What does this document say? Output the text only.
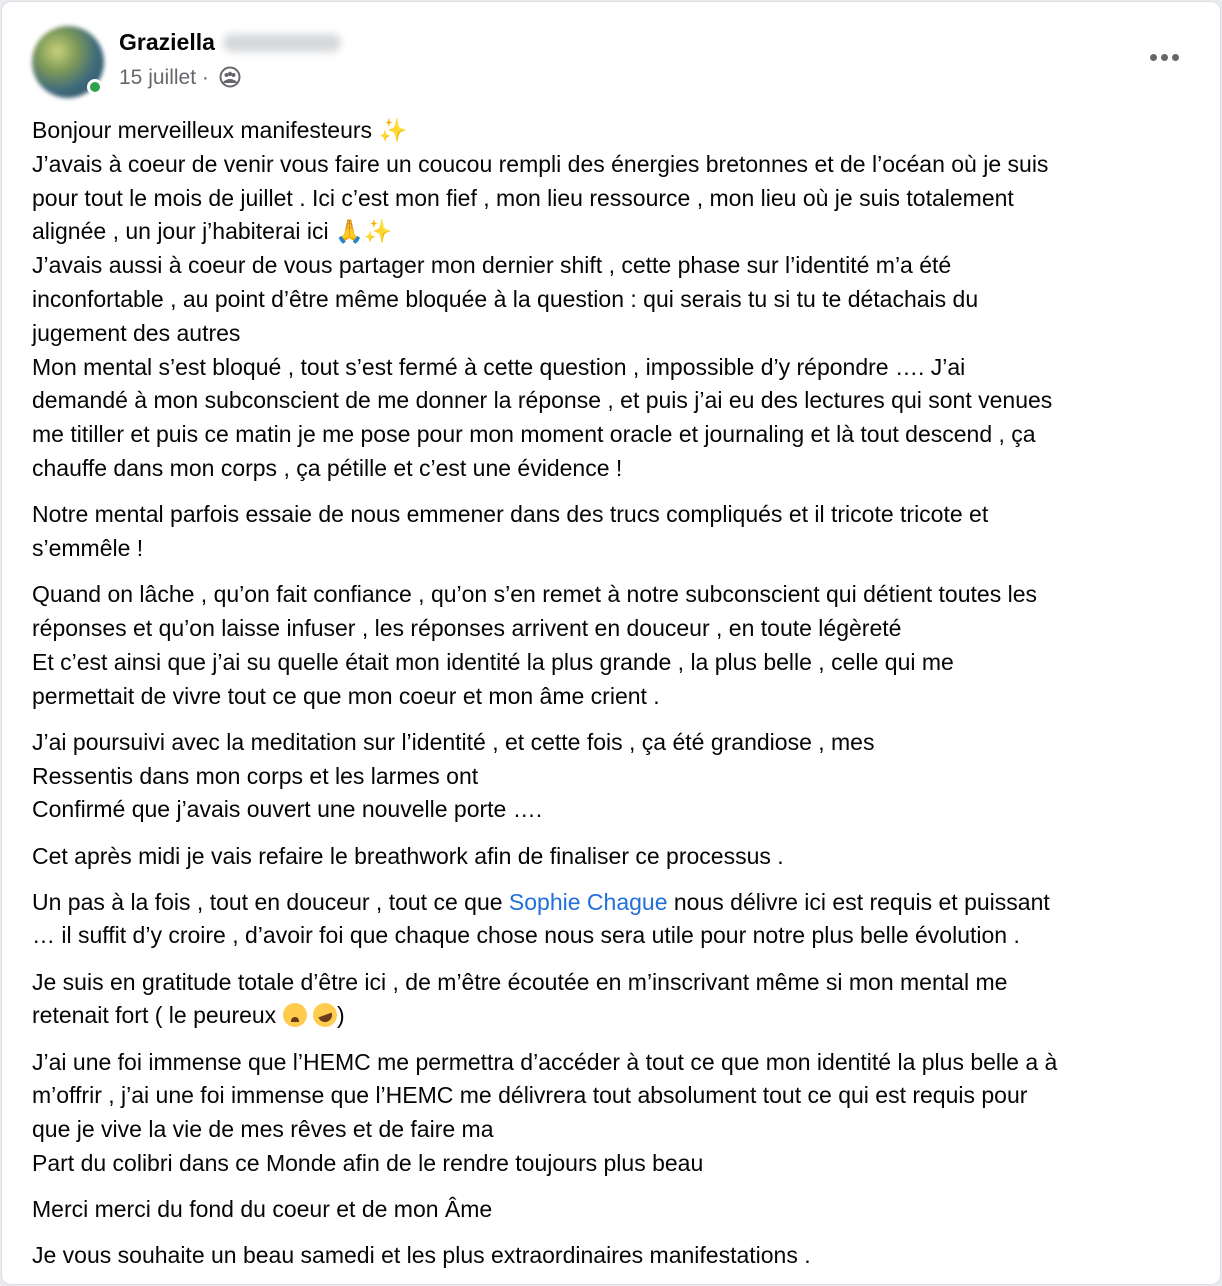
Graziella
15 juillet ·
Bonjour merveilleux manifesteurs ✨
J’avais à coeur de venir vous faire un coucou rempli des énergies bretonnes et de l’océan où je suis
pour tout le mois de juillet . Ici c’est mon fief , mon lieu ressource , mon lieu où je suis totalement
alignée , un jour j’habiterai ici 🙏✨
J’avais aussi à coeur de vous partager mon dernier shift , cette phase sur l’identité m’a été
inconfortable , au point d’être même bloquée à la question : qui serais tu si tu te détachais du
jugement des autres
Mon mental s’est bloqué , tout s’est fermé à cette question , impossible d’y répondre …. J’ai
demandé à mon subconscient de me donner la réponse , et puis j’ai eu des lectures qui sont venues
me titiller et puis ce matin je me pose pour mon moment oracle et journaling et là tout descend , ça
chauffe dans mon corps , ça pétille et c’est une évidence !
Notre mental parfois essaie de nous emmener dans des trucs compliqués et il tricote tricote et
s’emmêle !
Quand on lâche , qu’on fait confiance , qu’on s’en remet à notre subconscient qui détient toutes les
réponses et qu’on laisse infuser , les réponses arrivent en douceur , en toute légèreté
Et c’est ainsi que j’ai su quelle était mon identité la plus grande , la plus belle , celle qui me
permettait de vivre tout ce que mon coeur et mon âme crient .
J’ai poursuivi avec la meditation sur l’identité , et cette fois , ça été grandiose , mes
Ressentis dans mon corps et les larmes ont
Confirmé que j’avais ouvert une nouvelle porte ….
Cet après midi je vais refaire le breathwork afin de finaliser ce processus .
Un pas à la fois , tout en douceur , tout ce que Sophie Chague nous délivre ici est requis et puissant
… il suffit d’y croire , d’avoir foi que chaque chose nous sera utile pour notre plus belle évolution .
Je suis en gratitude totale d’être ici , de m’être écoutée en m’inscrivant même si mon mental me
retenait fort ( le peureux	)
J’ai une foi immense que l’HEMC me permettra d’accéder à tout ce que mon identité la plus belle a à
m’offrir , j’ai une foi immense que l’HEMC me délivrera tout absolument tout ce qui est requis pour
que je vive la vie de mes rêves et de faire ma
Part du colibri dans ce Monde afin de le rendre toujours plus beau
Merci merci du fond du coeur et de mon Âme
Je vous souhaite un beau samedi et les plus extraordinaires manifestations .
